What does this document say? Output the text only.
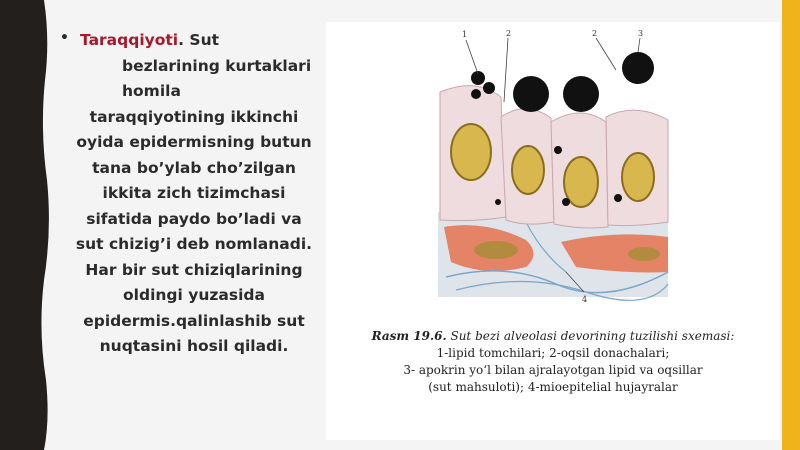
• Taraqqiyoti. Sut
bezlarining kurtaklari
homila
taraqqiyotining ikkinchi
oyida epidermisning butun
tana bo’ylab cho’zilgan
ikkita zich tizimchasi
sifatida paydo bo’ladi va
sut chizig’i deb nomlanadi.
Har bir sut chiziqlarining
oldingi yuzasida
epidermis.qalinlashib sut
nuqtasini hosil qiladi.
1	2	2	3
4
Rasm 19.6. Sut bezi alveolasi devorining tuzilishi sxemasi:
1-lipid tomchilari; 2-oqsil donachalari;
3- apokrin yo‘l bilan ajralayotgan lipid va oqsillar
(sut mahsuloti); 4-mioepitelial hujayralar
